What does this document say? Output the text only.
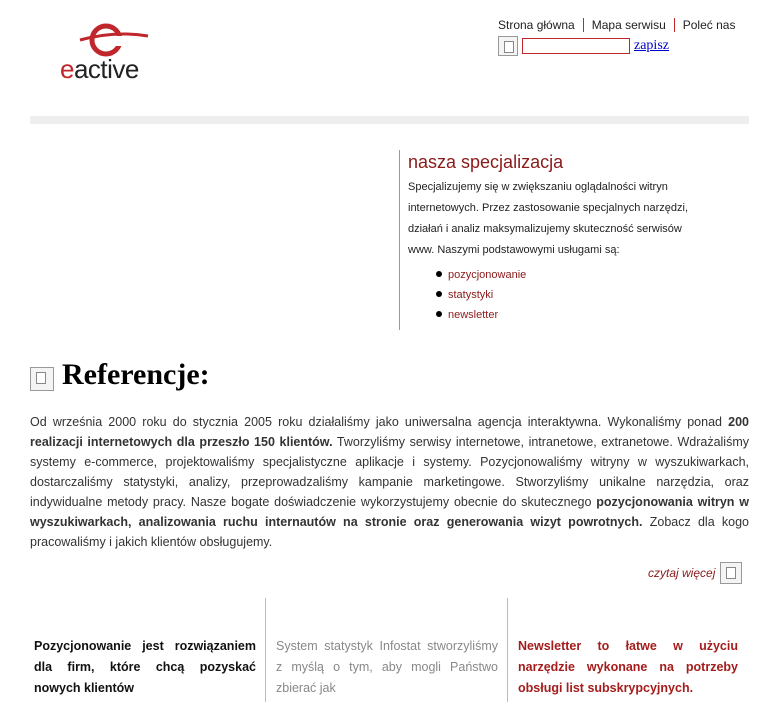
eactive
Strona główna	Mapa serwisu	Poleć nas
zapisz
nasza specjalizacja
Specjalizujemy się w zwiększaniu oglądalności witryn internetowych. Przez zastosowanie specjalnych narzędzi, działań i analiz maksymalizujemy skuteczność serwisów www. Naszymi podstawowymi usługami są:
pozycjonowanie
statystyki
newsletter
Referencje:
Od września 2000 roku do stycznia 2005 roku działaliśmy jako uniwersalna agencja interaktywna. Wykonaliśmy ponad 200 realizacji internetowych dla przeszło 150 klientów. Tworzyliśmy serwisy internetowe, intranetowe, extranetowe. Wdrażaliśmy systemy e-commerce, projektowaliśmy specjalistyczne aplikacje i systemy. Pozycjonowaliśmy witryny w wyszukiwarkach, dostarczaliśmy statystyki, analizy, przeprowadzaliśmy kampanie marketingowe. Stworzyliśmy unikalne narzędzia, oraz indywidualne metody pracy. Nasze bogate doświadczenie wykorzystujemy obecnie do skutecznego pozycjonowania witryn w wyszukiwarkach, analizowania ruchu internautów na stronie oraz generowania wizyt powrotnych. Zobacz dla kogo pracowaliśmy i jakich klientów obsługujemy.
czytaj więcej
Pozycjonowanie jest rozwiązaniem dla firm, które chcą pozyskać nowych klientów
System statystyk Infostat stworzyliśmy z myślą o tym, aby mogli Państwo zbierać jak
Newsletter to łatwe w użyciu narzędzie wykonane na potrzeby obsługi list subskrypcyjnych.
